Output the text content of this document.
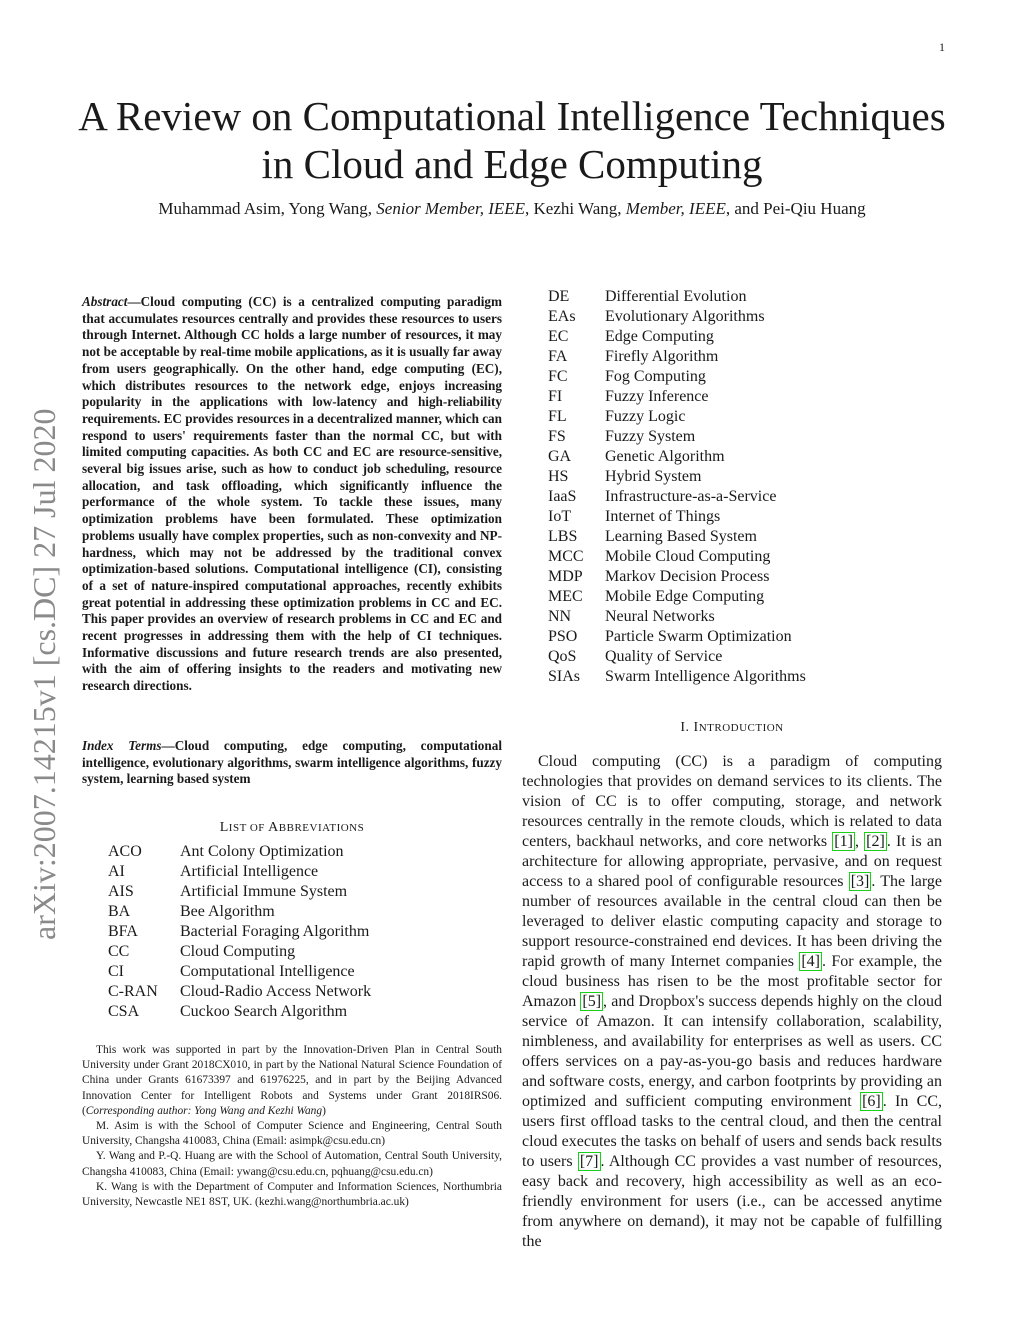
1
arXiv:2007.14215v1 [cs.DC] 27 Jul 2020
A Review on Computational Intelligence Techniques
in Cloud and Edge Computing
Muhammad Asim, Yong Wang, Senior Member, IEEE, Kezhi Wang, Member, IEEE, and Pei-Qiu Huang
Abstract—Cloud computing (CC) is a centralized computing paradigm that accumulates resources centrally and provides these resources to users through Internet. Although CC holds a large number of resources, it may not be acceptable by real-time mobile applications, as it is usually far away from users geographically. On the other hand, edge computing (EC), which distributes resources to the network edge, enjoys increasing popularity in the applications with low-latency and high-reliability requirements. EC provides resources in a decentralized manner, which can respond to users' requirements faster than the normal CC, but with limited computing capacities. As both CC and EC are resource-sensitive, several big issues arise, such as how to conduct job scheduling, resource allocation, and task offloading, which significantly influence the performance of the whole system. To tackle these issues, many optimization problems have been formulated. These optimization problems usually have complex properties, such as non-convexity and NP-hardness, which may not be addressed by the traditional convex optimization-based solutions. Computational intelligence (CI), consisting of a set of nature-inspired computational approaches, recently exhibits great potential in addressing these optimization problems in CC and EC. This paper provides an overview of research problems in CC and EC and recent progresses in addressing them with the help of CI techniques. Informative discussions and future research trends are also presented, with the aim of offering insights to the readers and motivating new research directions.
Index Terms—Cloud computing, edge computing, computational intelligence, evolutionary algorithms, swarm intelligence algorithms, fuzzy system, learning based system
LIST OF ABBREVIATIONS
ACO	Ant Colony Optimization
AI	Artificial Intelligence
AIS	Artificial Immune System
BA	Bee Algorithm
BFA	Bacterial Foraging Algorithm
CC	Cloud Computing
CI	Computational Intelligence
C-RAN	Cloud-Radio Access Network
CSA	Cuckoo Search Algorithm
DE	Differential Evolution
EAs	Evolutionary Algorithms
EC	Edge Computing
FA	Firefly Algorithm
FC	Fog Computing
FI	Fuzzy Inference
FL	Fuzzy Logic
FS	Fuzzy System
GA	Genetic Algorithm
HS	Hybrid System
IaaS	Infrastructure-as-a-Service
IoT	Internet of Things
LBS	Learning Based System
MCC	Mobile Cloud Computing
MDP	Markov Decision Process
MEC	Mobile Edge Computing
NN	Neural Networks
PSO	Particle Swarm Optimization
QoS	Quality of Service
SIAs	Swarm Intelligence Algorithms

This work was supported in part by the Innovation-Driven Plan in Central South University under Grant 2018CX010, in part by the National Natural Science Foundation of China under Grants 61673397 and 61976225, and in part by the Beijing Advanced Innovation Center for Intelligent Robots and Systems under Grant 2018IRS06. (Corresponding author: Yong Wang and Kezhi Wang)

M. Asim is with the School of Computer Science and Engineering, Central South University, Changsha 410083, China (Email: asimpk@csu.edu.cn)

Y. Wang and P.-Q. Huang are with the School of Automation, Central South University, Changsha 410083, China (Email: ywang@csu.edu.cn, pqhuang@csu.edu.cn)

K. Wang is with the Department of Computer and Information Sciences, Northumbria University, Newcastle NE1 8ST, UK. (kezhi.wang@northumbria.ac.uk)

I. INTRODUCTION
Cloud computing (CC) is a paradigm of computing technologies that provides on demand services to its clients. The vision of CC is to offer computing, storage, and network resources centrally in the remote clouds, which is related to data centers, backhaul networks, and core networks [1] , [2] . It is an architecture for allowing appropriate, pervasive, and on request access to a shared pool of configurable resources [3] . The large number of resources available in the central cloud can then be leveraged to deliver elastic computing capacity and storage to support resource-constrained end devices. It has been driving the rapid growth of many Internet companies [4] . For example, the cloud business has risen to be the most profitable sector for Amazon [5] , and Dropbox's success depends highly on the cloud service of Amazon. It can intensify collaboration, scalability, nimbleness, and availability for enterprises as well as users. CC offers services on a pay-as-you-go basis and reduces hardware and software costs, energy, and carbon footprints by providing an optimized and sufficient computing environment [6] . In CC, users first offload tasks to the central cloud, and then the central cloud executes the tasks on behalf of users and sends back results to users [7] . Although CC provides a vast number of resources, easy back and recovery, high accessibility as well as an eco-friendly environment for users (i.e., can be accessed anytime from anywhere on demand), it may not be capable of fulfilling the
